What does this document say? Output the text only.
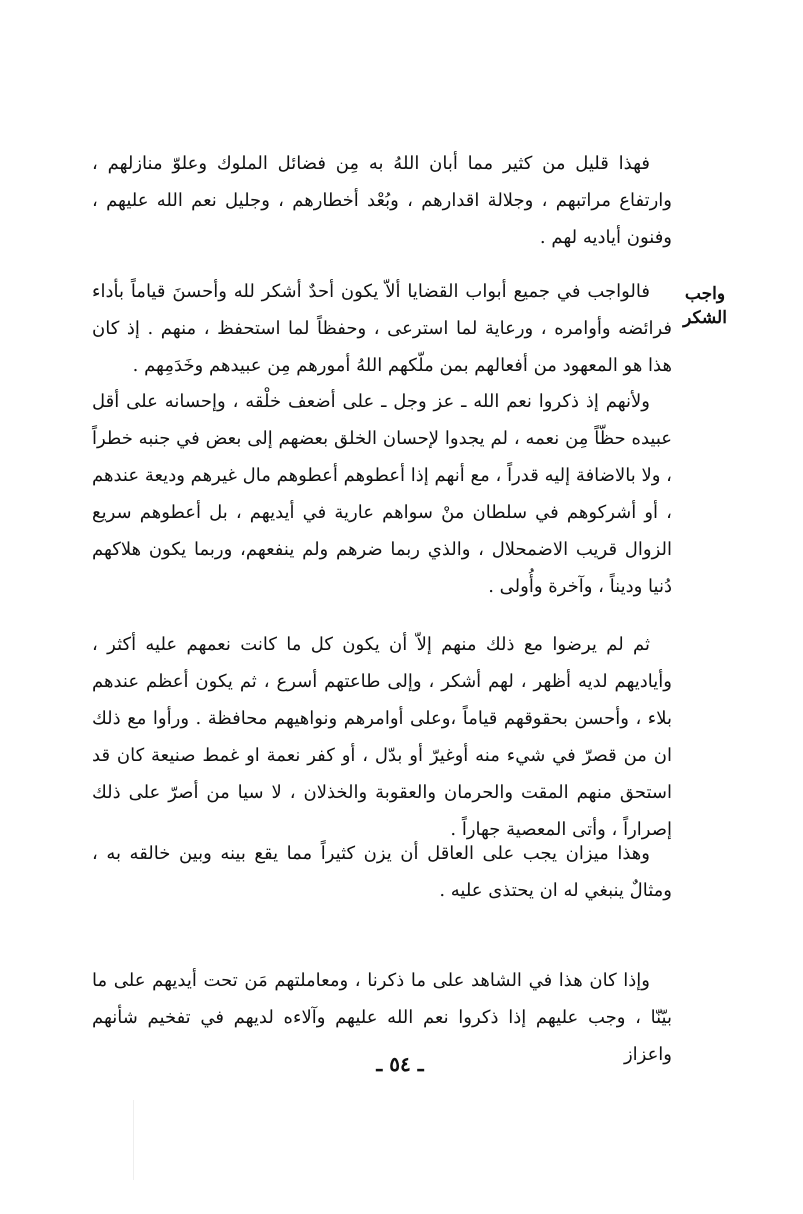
واجب
الشكر

فهذا قليل من كثير مما أبان اللهُ به مِن فضائل الملوك وعلوّ منازلهم ، وارتفاع مراتبهم ، وجلالة اقدارهم ، وبُعْد أخطارهم ، وجليل نعم الله عليهم ، وفنون أياديه لهم .

فالواجب في جميع أبواب القضايا ألاّ يكون أحدٌ أشكر لله وأحسنَ قياماً بأداء فرائضه وأوامره ، ورعاية لما استرعى ، وحفظاً لما استحفظ ، منهم . إذ كان هذا هو المعهود من أفعالهم بمن ملّكهم اللهُ أمورهم مِن عبيدهم وخَدَمِهم .

ولأنهم إذ ذكروا نعم الله ـ عز وجل ـ على أضعف خلْقه ، وإحسانه على أقل عبيده حظّاً مِن نعمه ، لم يجدوا لإحسان الخلق بعضهم إلى بعض في جنبه خطراً ، ولا بالاضافة إليه قدراً ، مع أنهم إذا أعطوهم أعطوهم مال غيرهم وديعة عندهم ، أو أشركوهم في سلطان منْ سواهم عارية في أيديهم ، بل أعطوهم سريع الزوال قريب الاضمحلال ، والذي ربما ضرهم ولم ينفعهم، وربما يكون هلاكهم دُنيا وديناً ، وآخرة وأُولى .

ثم لم يرضوا مع ذلك منهم إلاّ أن يكون كل ما كانت نعمهم عليه أكثر ، وأياديهم لديه أظهر ، لهم أشكر ، وإلى طاعتهم أسرع ، ثم يكون أعظم عندهم بلاء ، وأحسن بحقوقهم قياماً ،وعلى أوامرهم ونواهيهم محافظة . ورأوا مع ذلك ان من قصرّ في شيء منه أوغيرّ أو بدّل ، أو كفر نعمة او غمط صنيعة كان قد استحق منهم المقت والحرمان والعقوبة والخذلان ، لا سيا من أصرّ على ذلك إصراراً ، وأتى المعصية جهاراً .

وهذا ميزان يجب على العاقل أن يزن كثيراً مما يقع بينه وبين خالقه به ، ومثالٌ ينبغي له ان يحتذى عليه .

وإذا كان هذا في الشاهد على ما ذكرنا ، ومعاملتهم مَن تحت أيديهم على ما بيّنّا ، وجب عليهم إذا ذكروا نعم الله عليهم وآلاءه لديهم في تفخيم شأنهم واعزاز

ـ ٥٤ ـ
